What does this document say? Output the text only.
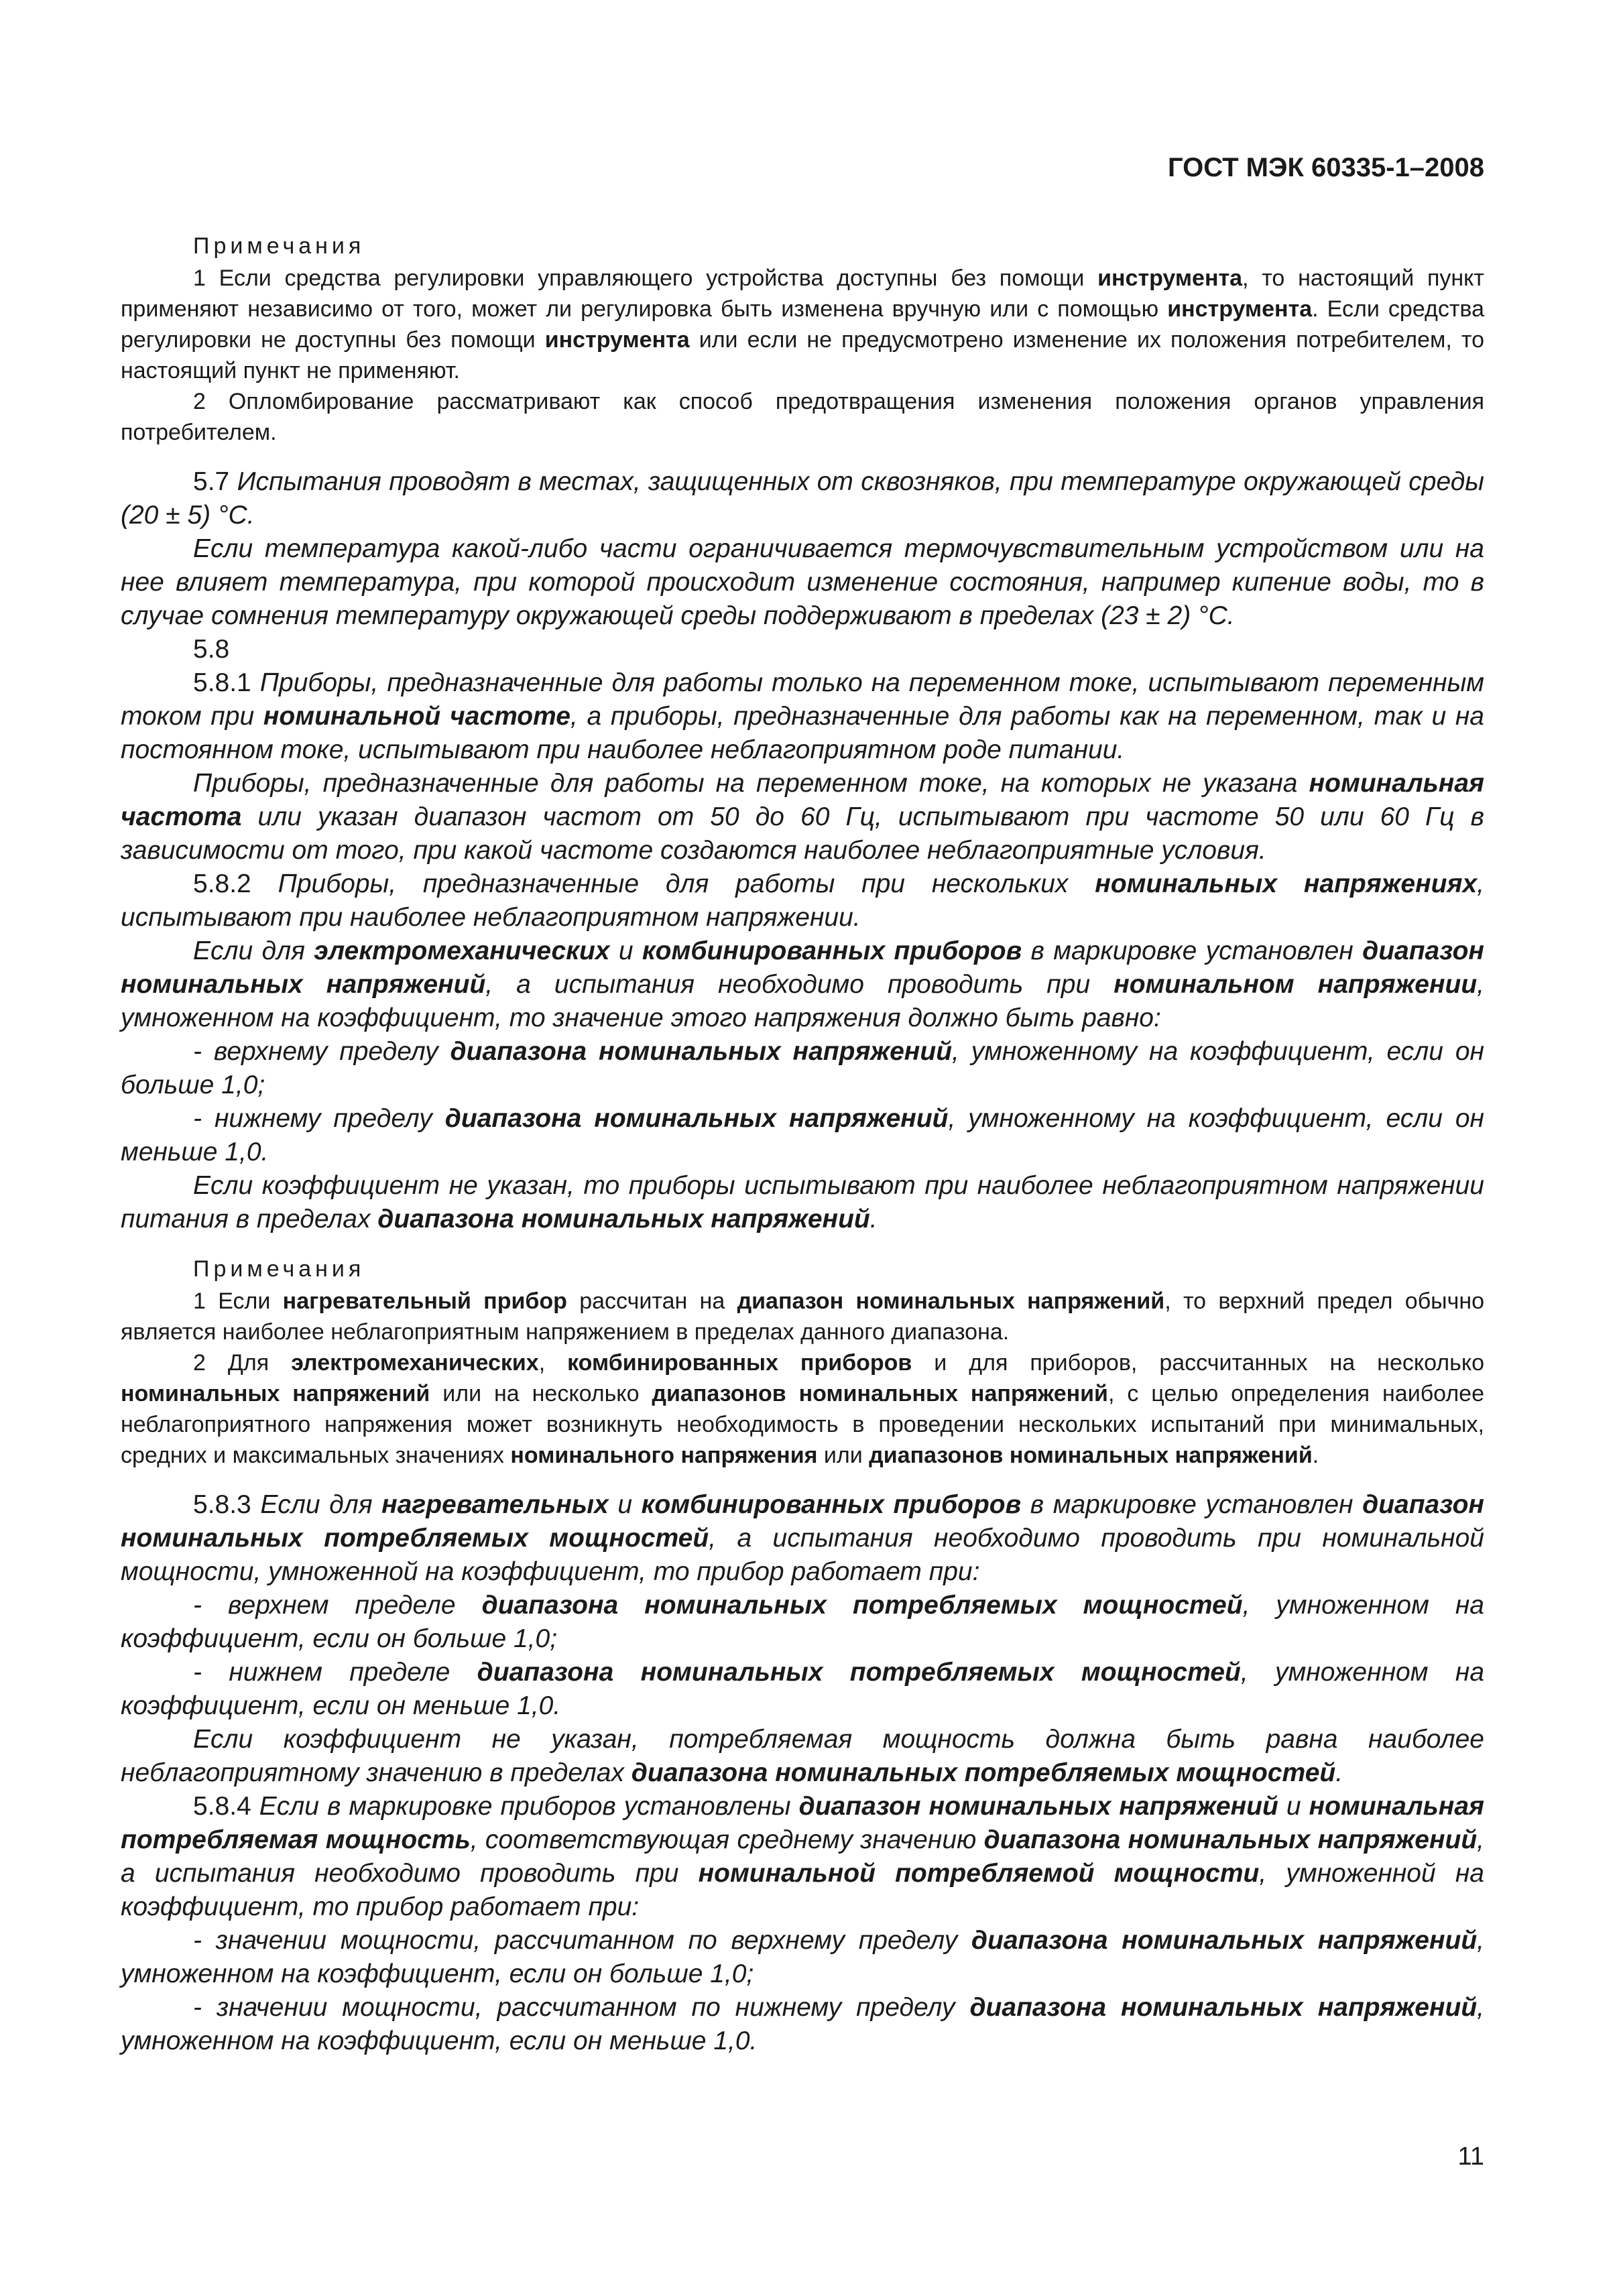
ГОСТ МЭК 60335-1–2008
Примечания

1 Если средства регулировки управляющего устройства доступны без помощи инструмента, то настоящий пункт применяют независимо от того, может ли регулировка быть изменена вручную или с помощью инструмента. Если средства регулировки не доступны без помощи инструмента или если не предусмотрено изменение их положения потребителем, то настоящий пункт не применяют.

2 Опломбирование рассматривают как способ предотвращения изменения положения органов управления потребителем.

5.7 Испытания проводят в местах, защищенных от сквозняков, при температуре окружающей среды (20 ± 5) °С.

Если температура какой-либо части ограничивается термочувствительным устройством или на нее влияет температура, при которой происходит изменение состояния, например кипение воды, то в случае сомнения температуру окружающей среды поддерживают в пределах (23 ± 2) °С.

5.8

5.8.1 Приборы, предназначенные для работы только на переменном токе, испытывают переменным током при номинальной частоте, а приборы, предназначенные для работы как на переменном, так и на постоянном токе, испытывают при наиболее неблагоприятном роде питании.

Приборы, предназначенные для работы на переменном токе, на которых не указана номинальная частота или указан диапазон частот от 50 до 60 Гц, испытывают при частоте 50 или 60 Гц в зависимости от того, при какой частоте создаются наиболее неблагоприятные условия.

5.8.2 Приборы, предназначенные для работы при нескольких номинальных напряжениях, испытывают при наиболее неблагоприятном напряжении.

Если для электромеханических и комбинированных приборов в маркировке установлен диапазон номинальных напряжений, а испытания необходимо проводить при номинальном напряжении, умноженном на коэффициент, то значение этого напряжения должно быть равно:

- верхнему пределу диапазона номинальных напряжений, умноженному на коэффициент, если он больше 1,0;

- нижнему пределу диапазона номинальных напряжений, умноженному на коэффициент, если он меньше 1,0.

Если коэффициент не указан, то приборы испытывают при наиболее неблагоприятном напряжении питания в пределах диапазона номинальных напряжений.

Примечания

1 Если нагревательный прибор рассчитан на диапазон номинальных напряжений, то верхний предел обычно является наиболее неблагоприятным напряжением в пределах данного диапазона.

2 Для электромеханических, комбинированных приборов и для приборов, рассчитанных на несколько номинальных напряжений или на несколько диапазонов номинальных напряжений, с целью определения наиболее неблагоприятного напряжения может возникнуть необходимость в проведении нескольких испытаний при минимальных, средних и максимальных значениях номинального напряжения или диапазонов номинальных напряжений.

5.8.3 Если для нагревательных и комбинированных приборов в маркировке установлен диапазон номинальных потребляемых мощностей, а испытания необходимо проводить при номинальной мощности, умноженной на коэффициент, то прибор работает при:

- верхнем пределе диапазона номинальных потребляемых мощностей, умноженном на коэффициент, если он больше 1,0;

- нижнем пределе диапазона номинальных потребляемых мощностей, умноженном на коэффициент, если он меньше 1,0.

Если коэффициент не указан, потребляемая мощность должна быть равна наиболее неблагоприятному значению в пределах диапазона номинальных потребляемых мощностей.

5.8.4 Если в маркировке приборов установлены диапазон номинальных напряжений и номинальная потребляемая мощность, соответствующая среднему значению диапазона номинальных напряжений, а испытания необходимо проводить при номинальной потребляемой мощности, умноженной на коэффициент, то прибор работает при:

- значении мощности, рассчитанном по верхнему пределу диапазона номинальных напряжений, умноженном на коэффициент, если он больше 1,0;

- значении мощности, рассчитанном по нижнему пределу диапазона номинальных напряжений, умноженном на коэффициент, если он меньше 1,0.

11
